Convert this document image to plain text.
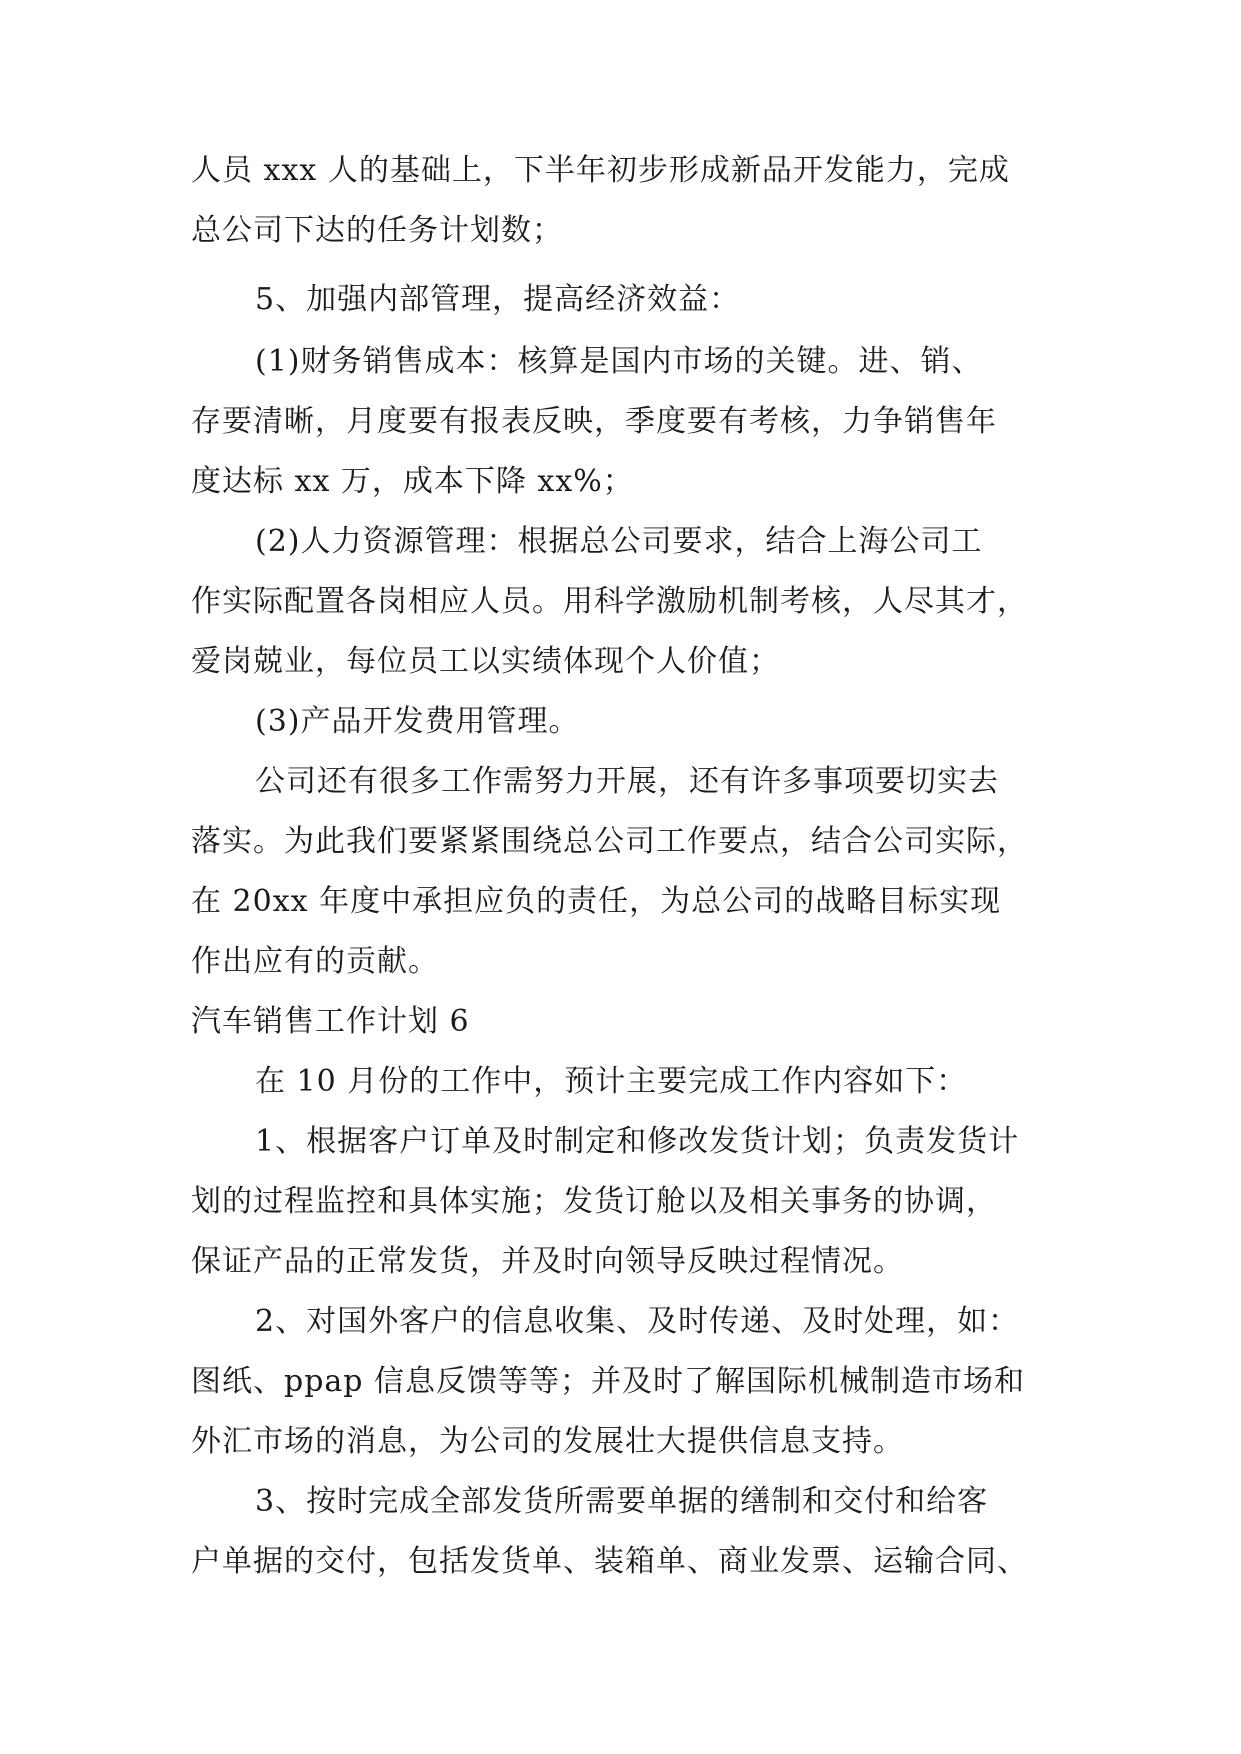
人员 xxx 人的基础上，下半年初步形成新品开发能力，完成
总公司下达的任务计划数；
5、加强内部管理，提高经济效益：
(1)财务销售成本：核算是国内市场的关键。进、销、
存要清晰，月度要有报表反映，季度要有考核，力争销售年
度达标 xx 万，成本下降 xx%；
(2)人力资源管理：根据总公司要求，结合上海公司工
作实际配置各岗相应人员。用科学激励机制考核，人尽其才，
爱岗兢业，每位员工以实绩体现个人价值；
(3)产品开发费用管理。
公司还有很多工作需努力开展，还有许多事项要切实去
落实。为此我们要紧紧围绕总公司工作要点，结合公司实际，
在 20xx 年度中承担应负的责任，为总公司的战略目标实现
作出应有的贡献。
汽车销售工作计划 6
在 10 月份的工作中，预计主要完成工作内容如下：
1、根据客户订单及时制定和修改发货计划；负责发货计
划的过程监控和具体实施；发货订舱以及相关事务的协调，
保证产品的正常发货，并及时向领导反映过程情况。
2、对国外客户的信息收集、及时传递、及时处理，如：
图纸、ppap 信息反馈等等；并及时了解国际机械制造市场和
外汇市场的消息，为公司的发展壮大提供信息支持。
3、按时完成全部发货所需要单据的缮制和交付和给客
户单据的交付，包括发货单、装箱单、商业发票、运输合同、
